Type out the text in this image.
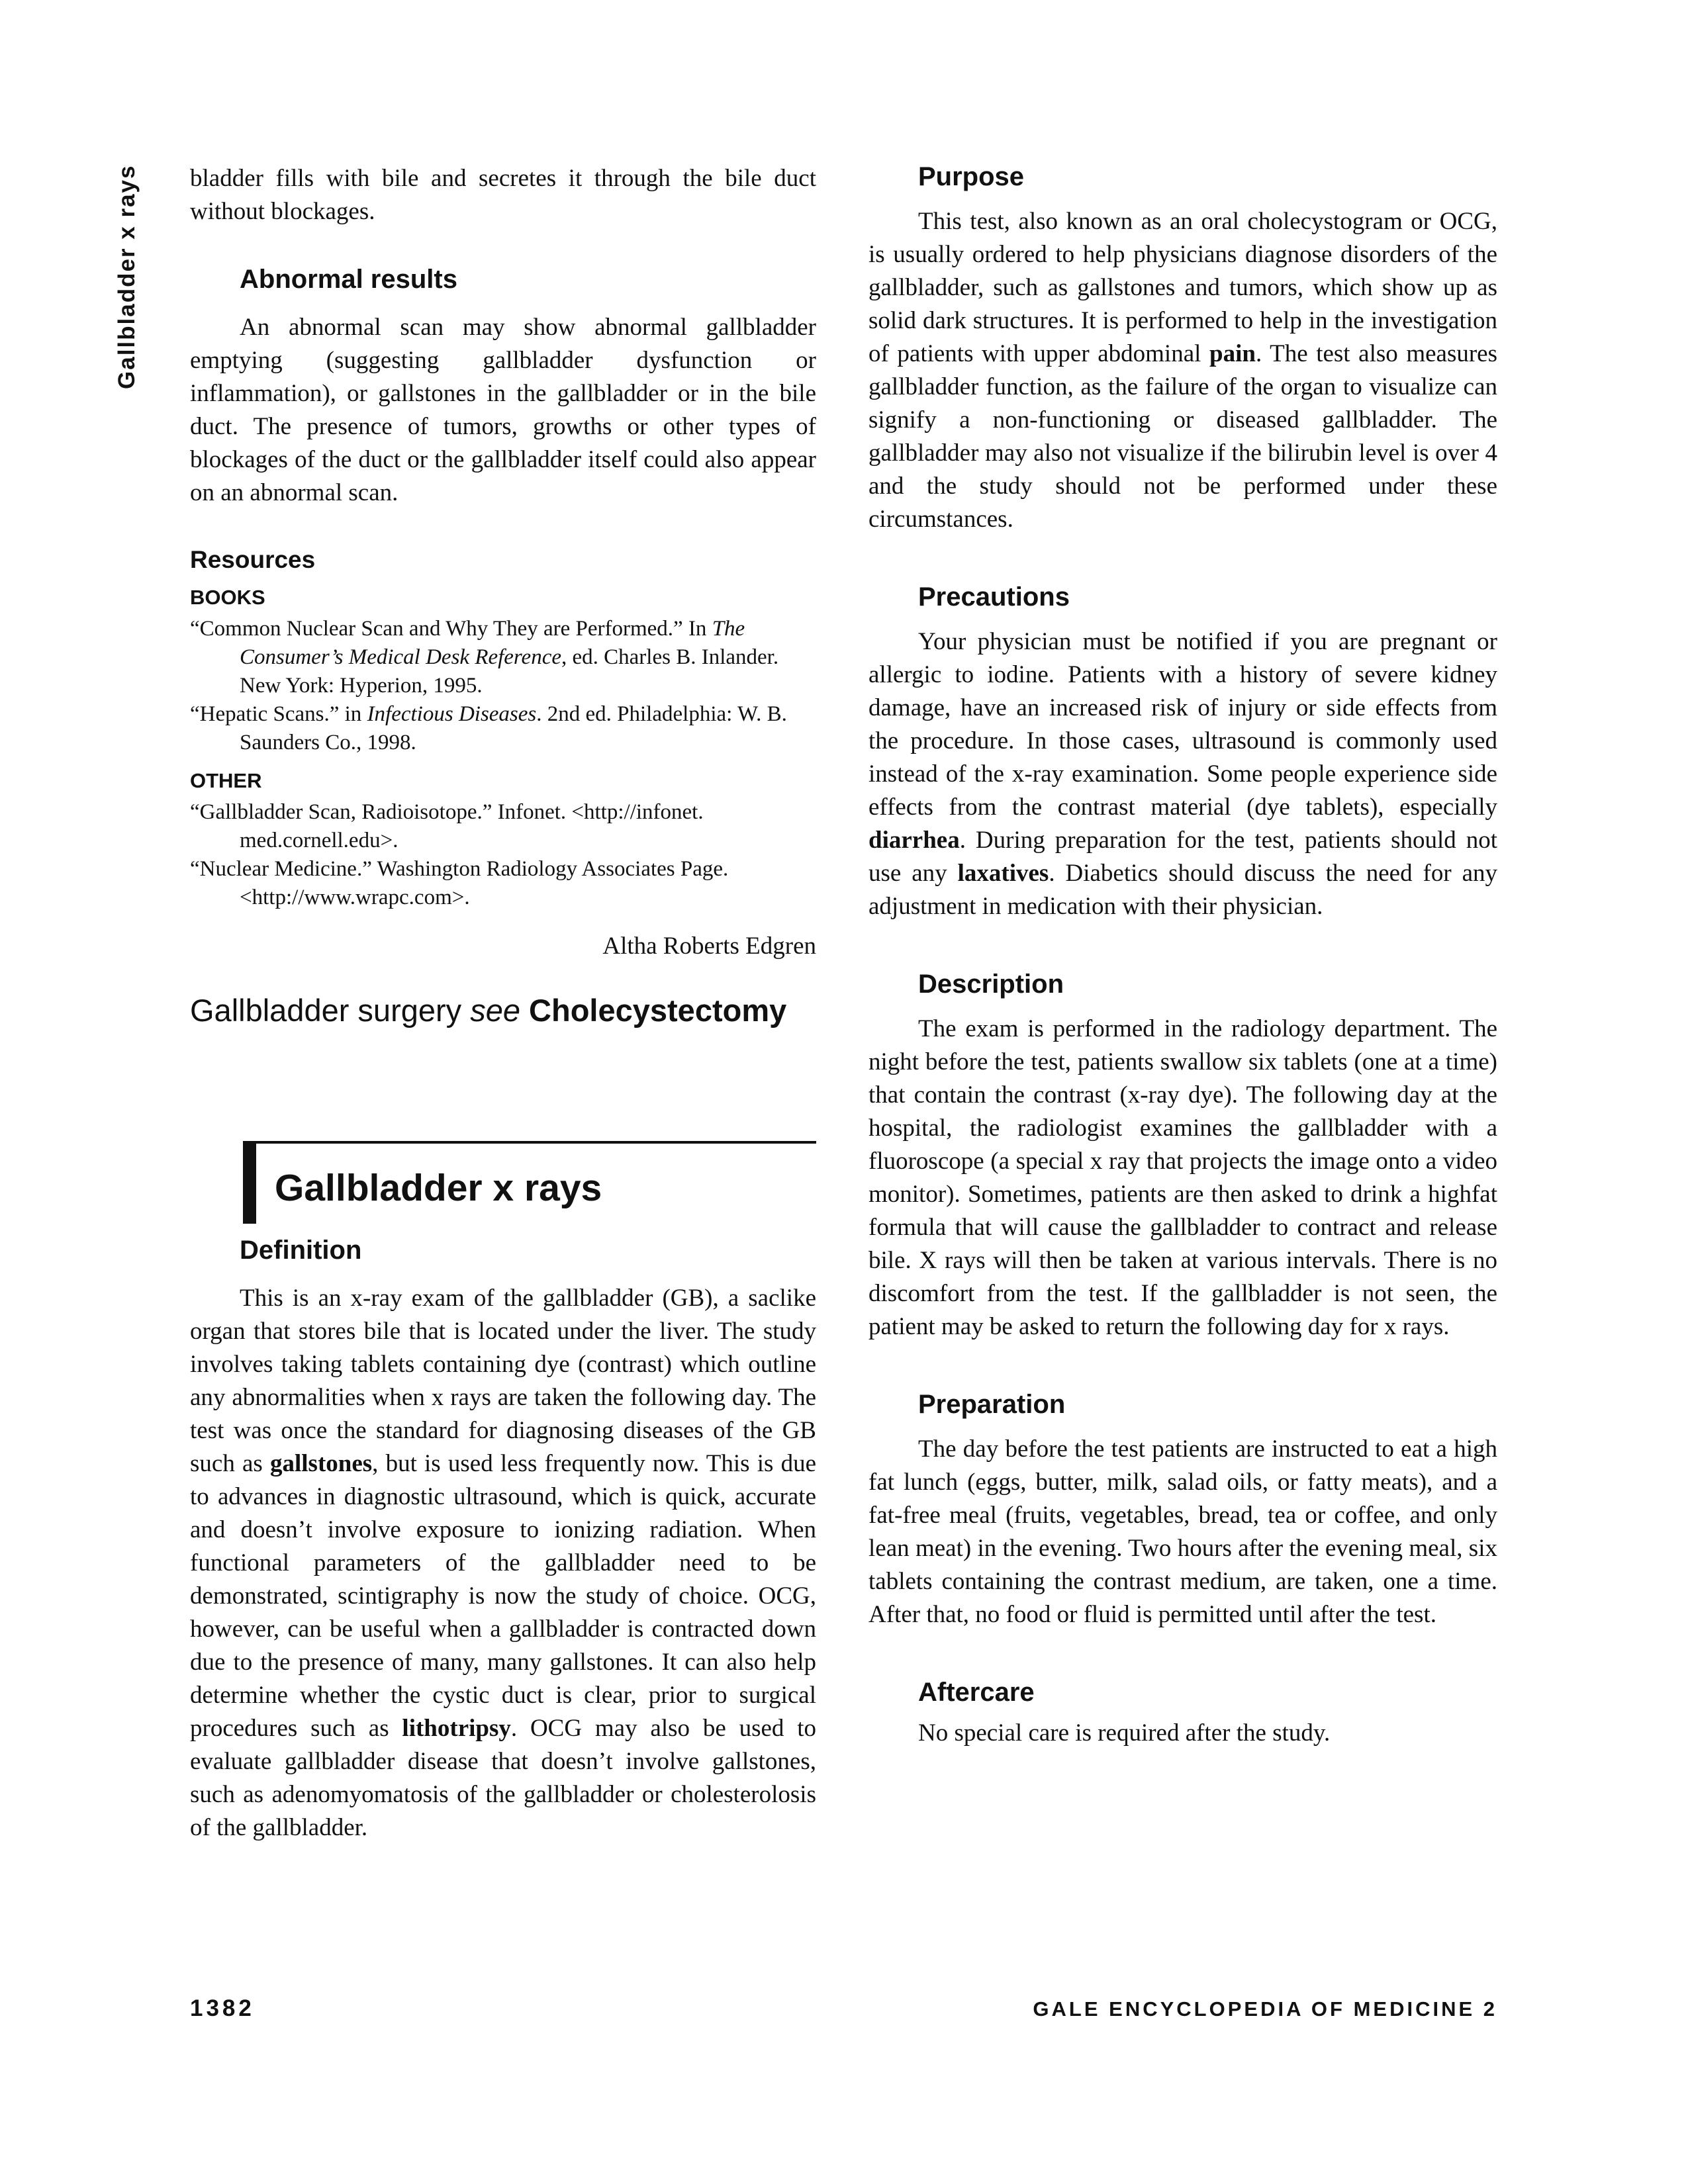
Gallbladder x rays bladder fills with bile and secretes it through the bile duct without blockages.

Abnormal results

An abnormal scan may show abnormal gallbladder emptying (suggesting gallbladder dysfunction or inflammation), or gallstones in the gallbladder or in the bile duct. The presence of tumors, growths or other types of blockages of the duct or the gallbladder itself could also appear on an abnormal scan.

Resources
BOOKS

“Common Nuclear Scan and Why They are Performed.” In The Consumer’s Medical Desk Reference, ed. Charles B. Inlander. New York: Hyperion, 1995.

“Hepatic Scans.” in Infectious Diseases. 2nd ed. Philadelphia: W. B. Saunders Co., 1998.

OTHER

“Gallbladder Scan, Radioisotope.” Infonet. <http://infonet. med.cornell.edu>.

“Nuclear Medicine.” Washington Radiology Associates Page. <http://www.wrapc.com>.

Altha Roberts Edgren

Gallbladder surgery see Cholecystectomy

Gallbladder x rays
Definition

This is an x-ray exam of the gallbladder (GB), a saclike organ that stores bile that is located under the liver. The study involves taking tablets containing dye (contrast) which outline any abnormalities when x rays are taken the following day. The test was once the standard for diagnosing diseases of the GB such as gallstones, but is used less frequently now. This is due to advances in diagnostic ultrasound, which is quick, accurate and doesn’t involve exposure to ionizing radiation. When functional parameters of the gallbladder need to be demonstrated, scintigraphy is now the study of choice. OCG, however, can be useful when a gallbladder is contracted down due to the presence of many, many gallstones. It can also help determine whether the cystic duct is clear, prior to surgical procedures such as lithotripsy. OCG may also be used to evaluate gallbladder disease that doesn’t involve gallstones, such as adenomyomatosis of the gallbladder or cholesterolosis of the gallbladder.

Purpose

This test, also known as an oral cholecystogram or OCG, is usually ordered to help physicians diagnose disorders of the gallbladder, such as gallstones and tumors, which show up as solid dark structures. It is performed to help in the investigation of patients with upper abdominal pain. The test also measures gallbladder function, as the failure of the organ to visualize can signify a non-functioning or diseased gallbladder. The gallbladder may also not visualize if the bilirubin level is over 4 and the study should not be performed under these circumstances.

Precautions

Your physician must be notified if you are pregnant or allergic to iodine. Patients with a history of severe kidney damage, have an increased risk of injury or side effects from the procedure. In those cases, ultrasound is commonly used instead of the x-ray examination. Some people experience side effects from the contrast material (dye tablets), especially diarrhea. During preparation for the test, patients should not use any laxatives. Diabetics should discuss the need for any adjustment in medication with their physician.

Description

The exam is performed in the radiology department. The night before the test, patients swallow six tablets (one at a time) that contain the contrast (x-ray dye). The following day at the hospital, the radiologist examines the gallbladder with a fluoroscope (a special x ray that projects the image onto a video monitor). Sometimes, patients are then asked to drink a highfat formula that will cause the gallbladder to contract and release bile. X rays will then be taken at various intervals. There is no discomfort from the test. If the gallbladder is not seen, the patient may be asked to return the following day for x rays.

Preparation

The day before the test patients are instructed to eat a high fat lunch (eggs, butter, milk, salad oils, or fatty meats), and a fat-free meal (fruits, vegetables, bread, tea or coffee, and only lean meat) in the evening. Two hours after the evening meal, six tablets containing the contrast medium, are taken, one a time. After that, no food or fluid is permitted until after the test.

Aftercare

No special care is required after the study.

1382	GALE ENCYCLOPEDIA OF MEDICINE 2
